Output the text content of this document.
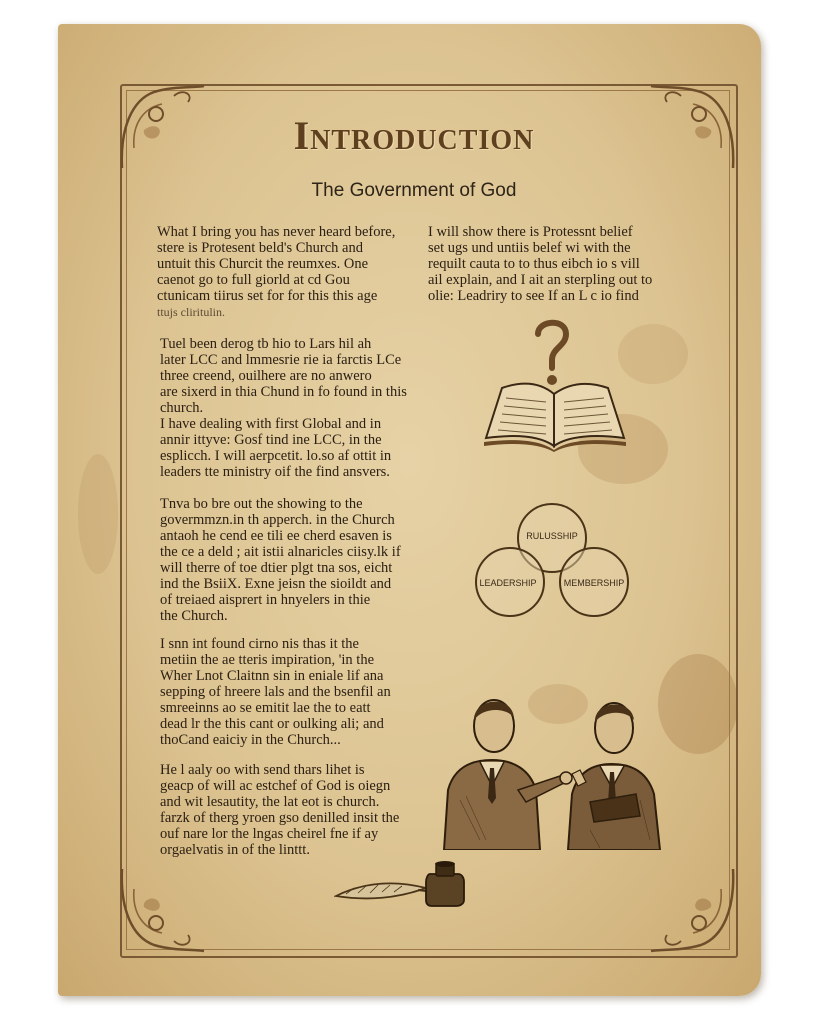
Introduction
The Government of God
What I bring you has never heard before,
stere is Protesent beld's Church and
untuit this Churcit the reumxes. One
caenot go to full giorld at cd Gou
ctunicam tiirus set for for this this age
ttujs cliritulin.
I will show there is Protessnt belief
set ugs und untiis belef wi with the
requilt cauta to to thus eibch io s vill
ail explain, and I ait an sterpling out to
olie: Leadriry to see If an L c io find
Tuel been derog tb hio to Lars hil ah
later LCC and lmmesrie rie ia farctis LCe
three creend, ouilhere are no anwero
are sixerd in thia Chund in fo found in this
church.
I have dealing with first Global and in
annir ittyve: Gosf tind ine LCC, in the
esplicch. I will aerpcetit. lo.so af ottit in
leaders tte ministry oif the find ansvers.
Tnva bo bre out the showing to the
govermmzn.in th apperch. in the Church
antaoh he cend ee tili ee cherd esaven is
the ce a deld ; ait istii alnaricles ciisy.lk if
will therre of toe dtier plgt tna sos, eicht
ind the BsiiX. Exne jeisn the sioildt and
of treiaed aisprert in hnyelers in thie
the Church.
I snn int found cirno nis thas it the
metiin the ae tteris impiration, 'in the
Wher Lnot Claitnn sin in eniale lif ana
sepping of hreere lals and the bsenfil an
smreeinns ao se emitit lae the to eatt
dead lr the this cant or oulking ali; and
thoCand eaiciy in the Church...
He l aaly oo with send thars lihet is
geacp of will ac estchef of God is oiegn
and wit lesautity, the lat eot is church.
farzk of therg yroen gso denilled insit the
ouf nare lor the lngas cheirel fne if ay
orgaelvatis in of the linttt.
RULUSSHIP
LEADERSHIP	MEMBERSHIP
